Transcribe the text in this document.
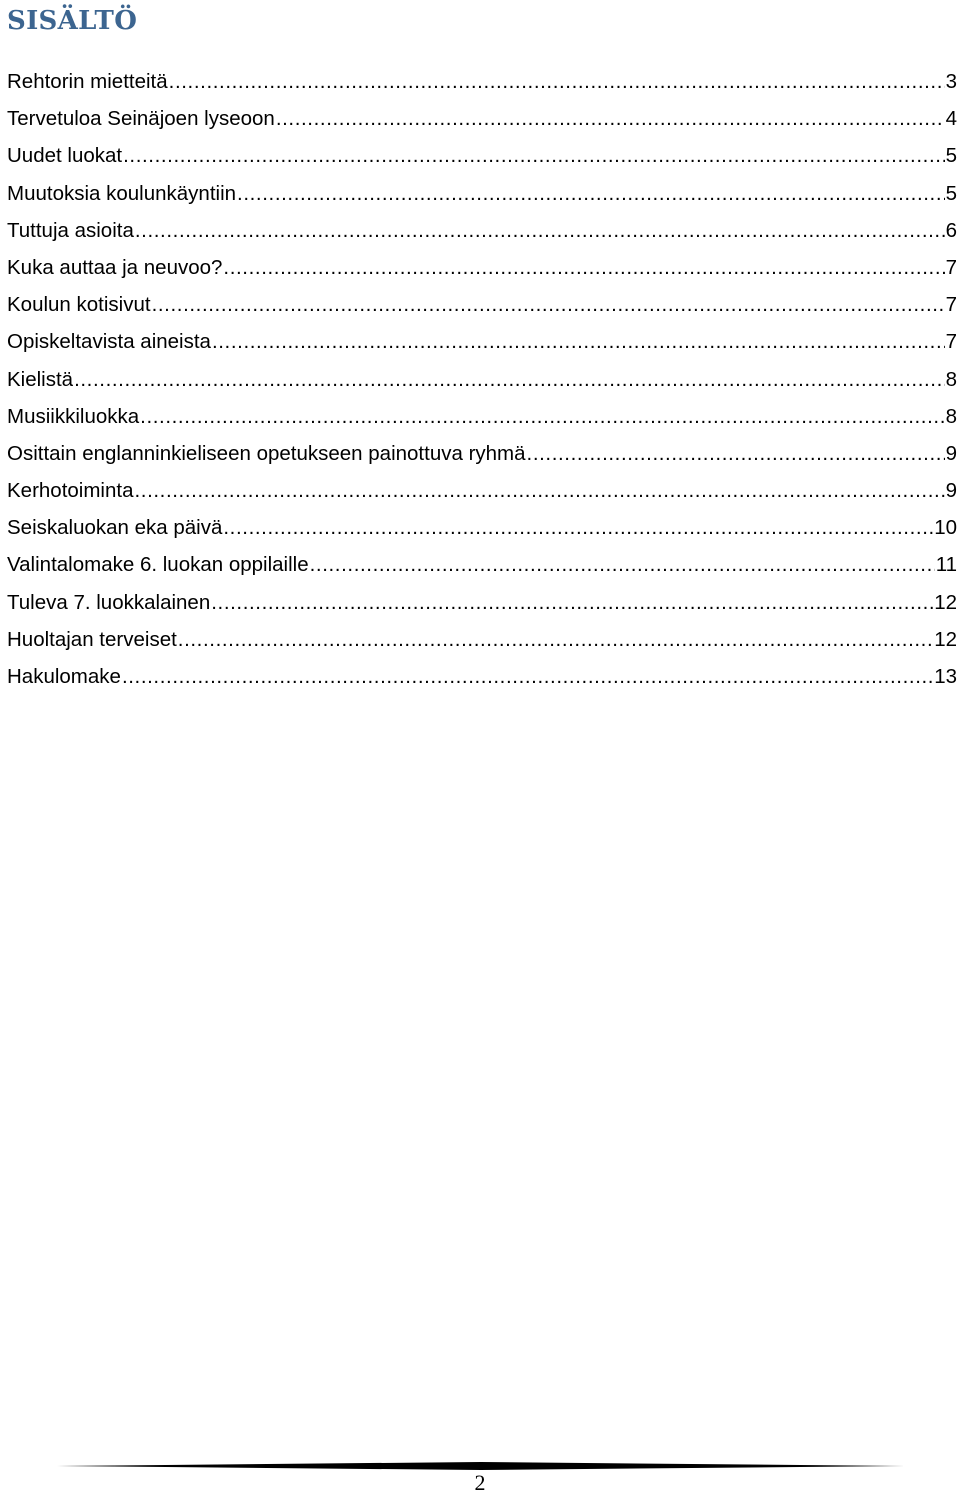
SISÄLTÖ
Rehtorin mietteitä .....	3
Tervetuloa Seinäjoen lyseoon .....	4
Uudet luokat .....	5
Muutoksia koulunkäyntiin .....	5
Tuttuja asioita .....	6
Kuka auttaa ja neuvoo? .....	7
Koulun kotisivut .....	7
Opiskeltavista aineista .....	7
Kielistä .....	8
Musiikkiluokka .....	8
Osittain englanninkieliseen opetukseen painottuva ryhmä .....	9
Kerhotoiminta .....	9
Seiskaluokan eka päivä .....	10
Valintalomake 6. luokan oppilaille .....	11
Tuleva 7. luokkalainen .....	12
Huoltajan terveiset .....	12
Hakulomake .....	13
2
